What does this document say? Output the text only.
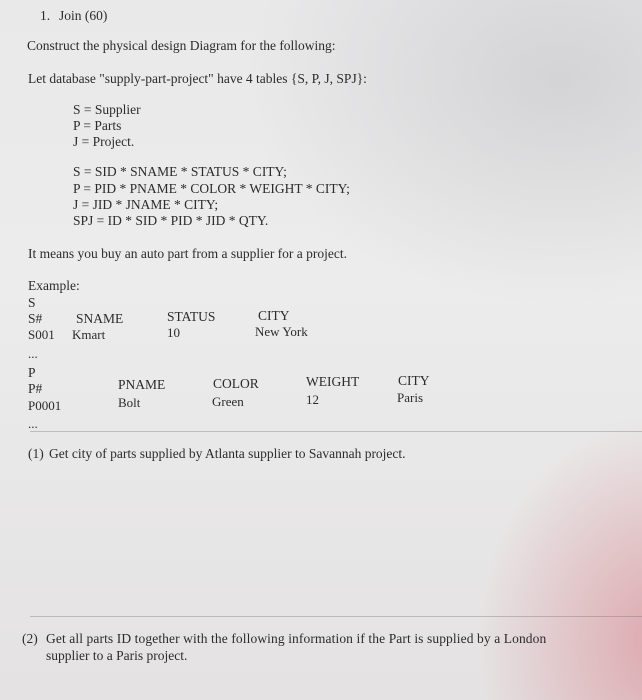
1. Join (60)
Construct the physical design Diagram for the following:
Let database "supply-part-project" have 4 tables {S, P, J, SPJ}:
S = Supplier
P = Parts
J = Project.
S = SID * SNAME * STATUS * CITY;
P = PID * PNAME * COLOR * WEIGHT * CITY;
J = JID * JNAME * CITY;
SPJ = ID * SID * PID * JID * QTY.
It means you buy an auto part from a supplier for a project.
Example:
S
S# SNAME	STATUS	CITY
S001 Kmart	10	New York
...
P
P#	PNAME	COLOR	WEIGHT	CITY
P0001	Bolt	Green	12	Paris
...
(1) Get city of parts supplied by Atlanta supplier to Savannah project.
(2) Get all parts ID together with the following information if the Part is supplied by a London
supplier to a Paris project.
